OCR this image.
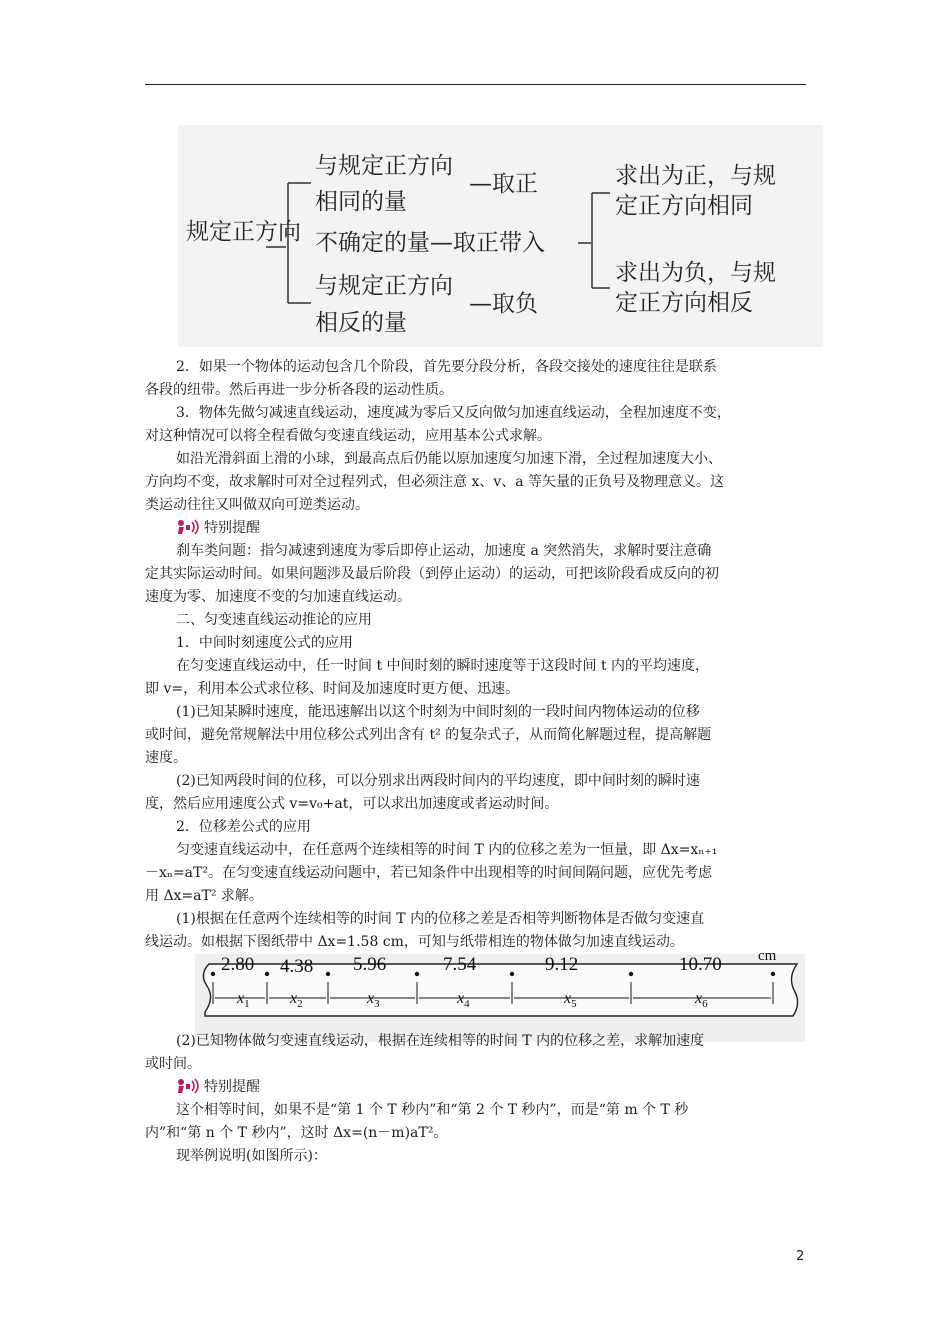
规定正方向
与规定正方向
相同的量
—取正
不确定的量—取正带入
与规定正方向
相反的量
—取负
求出为正，与规
定正方向相同
求出为负，与规
定正方向相反
2．如果一个物体的运动包含几个阶段，首先要分段分析，各段交接处的速度往往是联系
各段的纽带。然后再进一步分析各段的运动性质。
3．物体先做匀减速直线运动，速度减为零后又反向做匀加速直线运动，全程加速度不变，
对这种情况可以将全程看做匀变速直线运动，应用基本公式求解。
如沿光滑斜面上滑的小球，到最高点后仍能以原加速度匀加速下滑，全过程加速度大小、
方向均不变，故求解时可对全过程列式，但必须注意 x、v、a 等矢量的正负号及物理意义。这
类运动往往又叫做双向可逆类运动。
特别提醒
刹车类问题：指匀减速到速度为零后即停止运动，加速度 a 突然消失，求解时要注意确
定其实际运动时间。如果问题涉及最后阶段（到停止运动）的运动，可把该阶段看成反向的初
速度为零、加速度不变的匀加速直线运动。
二、匀变速直线运动推论的应用
1．中间时刻速度公式的应用
在匀变速直线运动中，任一时间 t 中间时刻的瞬时速度等于这段时间 t 内的平均速度，
即 v=，利用本公式求位移、时间及加速度时更方便、迅速。
(1)已知某瞬时速度，能迅速解出以这个时刻为中间时刻的一段时间内物体运动的位移
或时间，避免常规解法中用位移公式列出含有 t² 的复杂式子，从而简化解题过程，提高解题
速度。
(2)已知两段时间的位移，可以分别求出两段时间内的平均速度，即中间时刻的瞬时速
度，然后应用速度公式 v=v₀+at，可以求出加速度或者运动时间。
2．位移差公式的应用
匀变速直线运动中，在任意两个连续相等的时间 T 内的位移之差为一恒量，即 Δx=xₙ₊₁
－xₙ=aT²。在匀变速直线运动问题中，若已知条件中出现相等的时间间隔问题，应优先考虑
用 Δx=aT² 求解。
(1)根据在任意两个连续相等的时间 T 内的位移之差是否相等判断物体是否做匀变速直
线运动。如根据下图纸带中 Δx=1.58 cm，可知与纸带相连的物体做匀加速直线运动。
2.80 4.38 5.96	7.54	9.12	10.70 cm
$x_1$	$x_2$	$x_3$	$x_4$	$x_5$	$x_6$
(2)已知物体做匀变速直线运动，根据在连续相等的时间 T 内的位移之差，求解加速度
或时间。
特别提醒
这个相等时间，如果不是“第 1 个 T 秒内”和“第 2 个 T 秒内”，而是“第 m 个 T 秒
内”和“第 n 个 T 秒内”，这时 Δx=(n－m)aT²。
现举例说明(如图所示)：
2
